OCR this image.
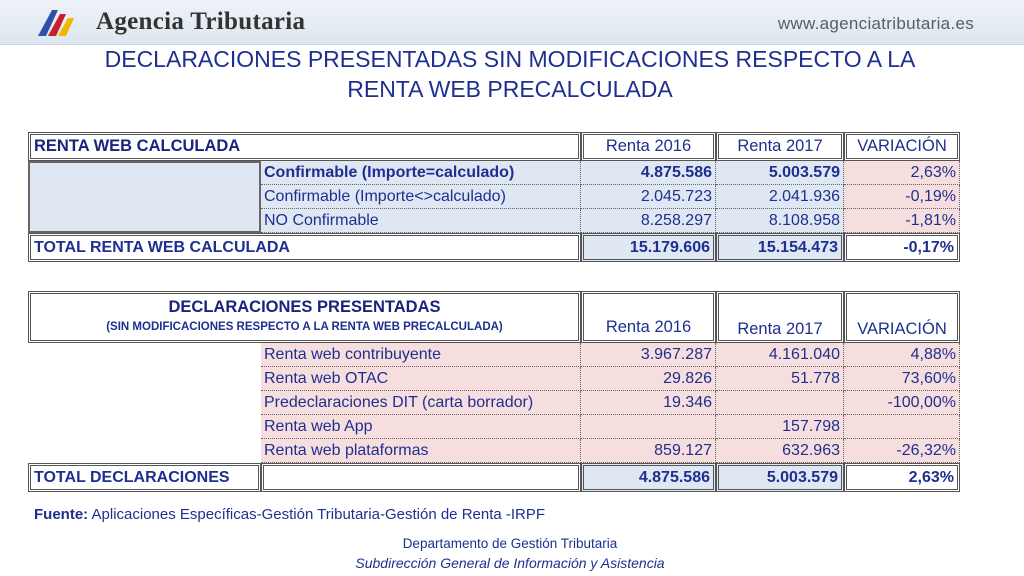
Agencia Tributaria	www.agenciatributaria.es
DECLARACIONES PRESENTADAS SIN MODIFICACIONES RESPECTO A LA
RENTA WEB PRECALCULADA
RENTA WEB CALCULADA		Renta 2016	Renta 2017	VARIACIÓN
	Confirmable (Importe=calculado)	4.875.586	5.003.579	2,63%
	Confirmable (Importe<>calculado)	2.045.723	2.041.936	-0,19%
	NO Confirmable	8.258.297	8.108.958	-1,81%
TOTAL RENTA WEB CALCULADA		15.179.606	15.154.473	-0,17%
DECLARACIONES PRESENTADAS
(SIN MODIFICACIONES RESPECTO A LA RENTA WEB PRECALCULADA)		Renta 2016	Renta 2017	VARIACIÓN
	Renta web contribuyente	3.967.287	4.161.040	4,88%
	Renta web OTAC	29.826	51.778	73,60%
	Predeclaraciones DIT (carta borrador)	19.346		-100,00%
	Renta web App		157.798	
	Renta web plataformas	859.127	632.963	-26,32%
TOTAL DECLARACIONES		4.875.586	5.003.579	2,63%
Fuente: Aplicaciones Específicas-Gestión Tributaria-Gestión de Renta -IRPF
Departamento de Gestión Tributaria
Subdirección General de Información y Asistencia
